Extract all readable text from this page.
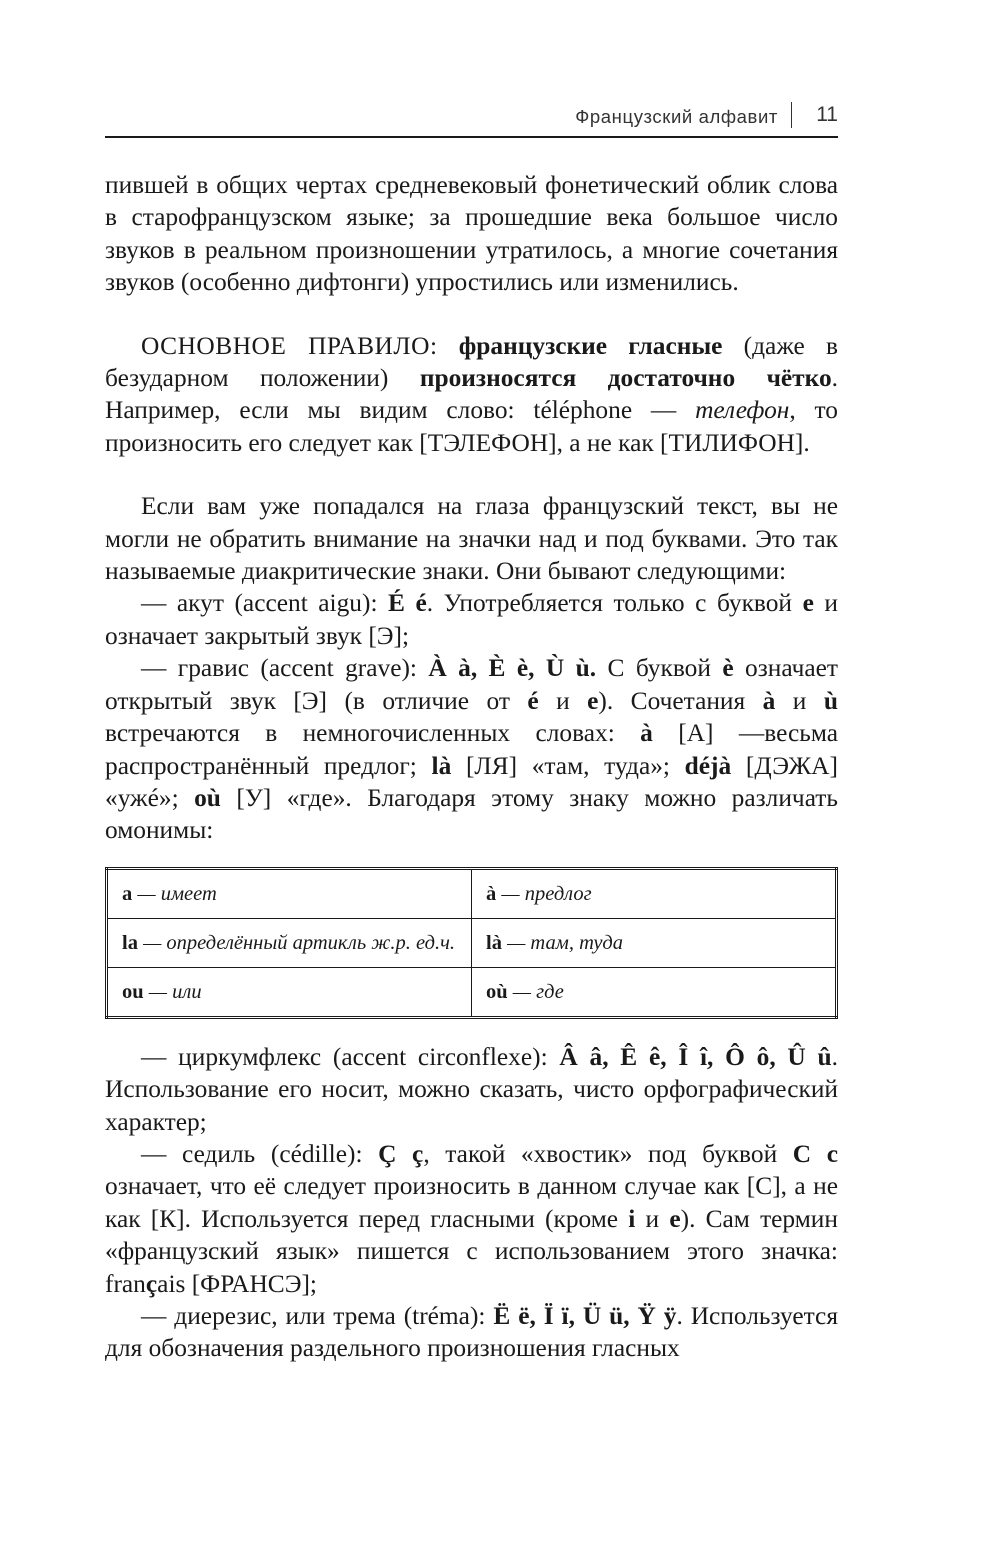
Французский алфавит 11

пившей в общих чертах средневековый фонетический облик слова в старофранцузском языке; за прошедшие века большое число звуков в реальном произношении утратилось, а многие сочетания звуков (особенно дифтонги) упростились или изменились.

ОСНОВНОЕ ПРАВИЛО: французские гласные (даже в безударном положении) произносятся достаточно чётко. Например, если мы видим слово: téléphone — телефон, то произносить его следует как [ТЭЛЕФОН], а не как [ТИЛИФОН].

Если вам уже попадался на глаза французский текст, вы не могли не обратить внимание на значки над и под буквами. Это так называемые диакритические знаки. Они бывают следующими:

— акут (accent aigu): É é. Употребляется только с буквой e и означает закрытый звук [Э];

— гравис (accent grave): À à, È è, Ù ù. С буквой è означает открытый звук [Э] (в отличие от é и e). Сочетания à и ù встречаются в немногочисленных словах: à [А] —весьма распространённый предлог; là [ЛЯ] «там, туда»; déjà [ДЭЖА] «ужé»; où [У] «где». Благодаря этому знаку можно различать омонимы:

a — имеет	à — предлог
la — определённый артикль ж.р. ед.ч.	là — там, туда
ou — или	où — где

— циркумфлекс (accent circonflexe): Â â, Ê ê, Î î, Ô ô, Û û. Использование его носит, можно сказать, чисто орфографический характер;

— седиль (cédille): Ç ç, такой «хвостик» под буквой C c означает, что её следует произносить в данном случае как [С], а не как [К]. Используется перед гласными (кроме i и e). Сам термин «французский язык» пишется с использованием этого значка: français [ФРАНСЭ];

— диерезис, или трема (tréma): Ë ë, Ï ï, Ü ü, Ÿ ÿ. Используется для обозначения раздельного произношения гласных
